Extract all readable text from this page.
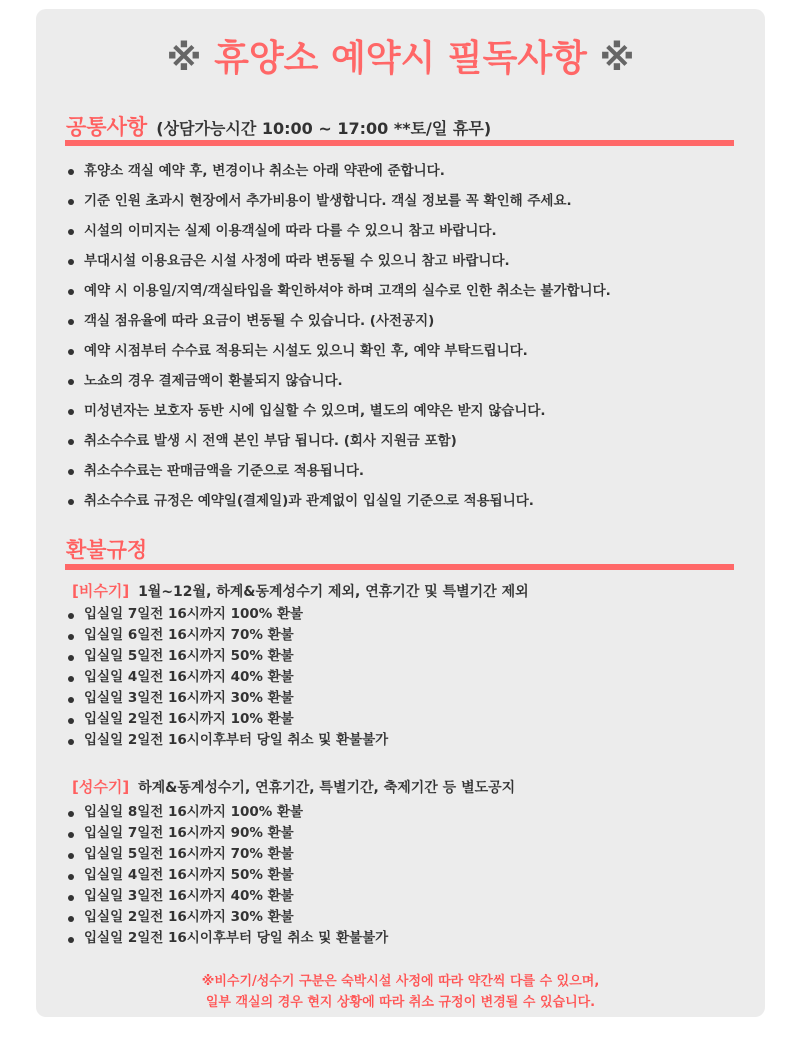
※ 휴양소 예약시 필독사항 ※
공통사항 (상담가능시간 10:00 ~ 17:00 **토/일 휴무)
휴양소 객실 예약 후, 변경이나 취소는 아래 약관에 준합니다.
기준 인원 초과시 현장에서 추가비용이 발생합니다. 객실 정보를 꼭 확인해 주세요.
시설의 이미지는 실제 이용객실에 따라 다를 수 있으니 참고 바랍니다.
부대시설 이용요금은 시설 사정에 따라 변동될 수 있으니 참고 바랍니다.
예약 시 이용일/지역/객실타입을 확인하셔야 하며 고객의 실수로 인한 취소는 불가합니다.
객실 점유율에 따라 요금이 변동될 수 있습니다. (사전공지)
예약 시점부터 수수료 적용되는 시설도 있으니 확인 후, 예약 부탁드립니다.
노쇼의 경우 결제금액이 환불되지 않습니다.
미성년자는 보호자 동반 시에 입실할 수 있으며, 별도의 예약은 받지 않습니다.
취소수수료 발생 시 전액 본인 부담 됩니다. (회사 지원금 포함)
취소수수료는 판매금액을 기준으로 적용됩니다.
취소수수료 규정은 예약일(결제일)과 관계없이 입실일 기준으로 적용됩니다.
환불규정
[비수기] 1월~12월, 하계&동계성수기 제외, 연휴기간 및 특별기간 제외
입실일 7일전 16시까지 100% 환불
입실일 6일전 16시까지 70% 환불
입실일 5일전 16시까지 50% 환불
입실일 4일전 16시까지 40% 환불
입실일 3일전 16시까지 30% 환불
입실일 2일전 16시까지 10% 환불
입실일 2일전 16시이후부터 당일 취소 및 환불불가
[성수기] 하계&동계성수기, 연휴기간, 특별기간, 축제기간 등 별도공지
입실일 8일전 16시까지 100% 환불
입실일 7일전 16시까지 90% 환불
입실일 5일전 16시까지 70% 환불
입실일 4일전 16시까지 50% 환불
입실일 3일전 16시까지 40% 환불
입실일 2일전 16시까지 30% 환불
입실일 2일전 16시이후부터 당일 취소 및 환불불가
※비수기/성수기 구분은 숙박시설 사정에 따라 약간씩 다를 수 있으며,
일부 객실의 경우 현지 상황에 따라 취소 규정이 변경될 수 있습니다.
